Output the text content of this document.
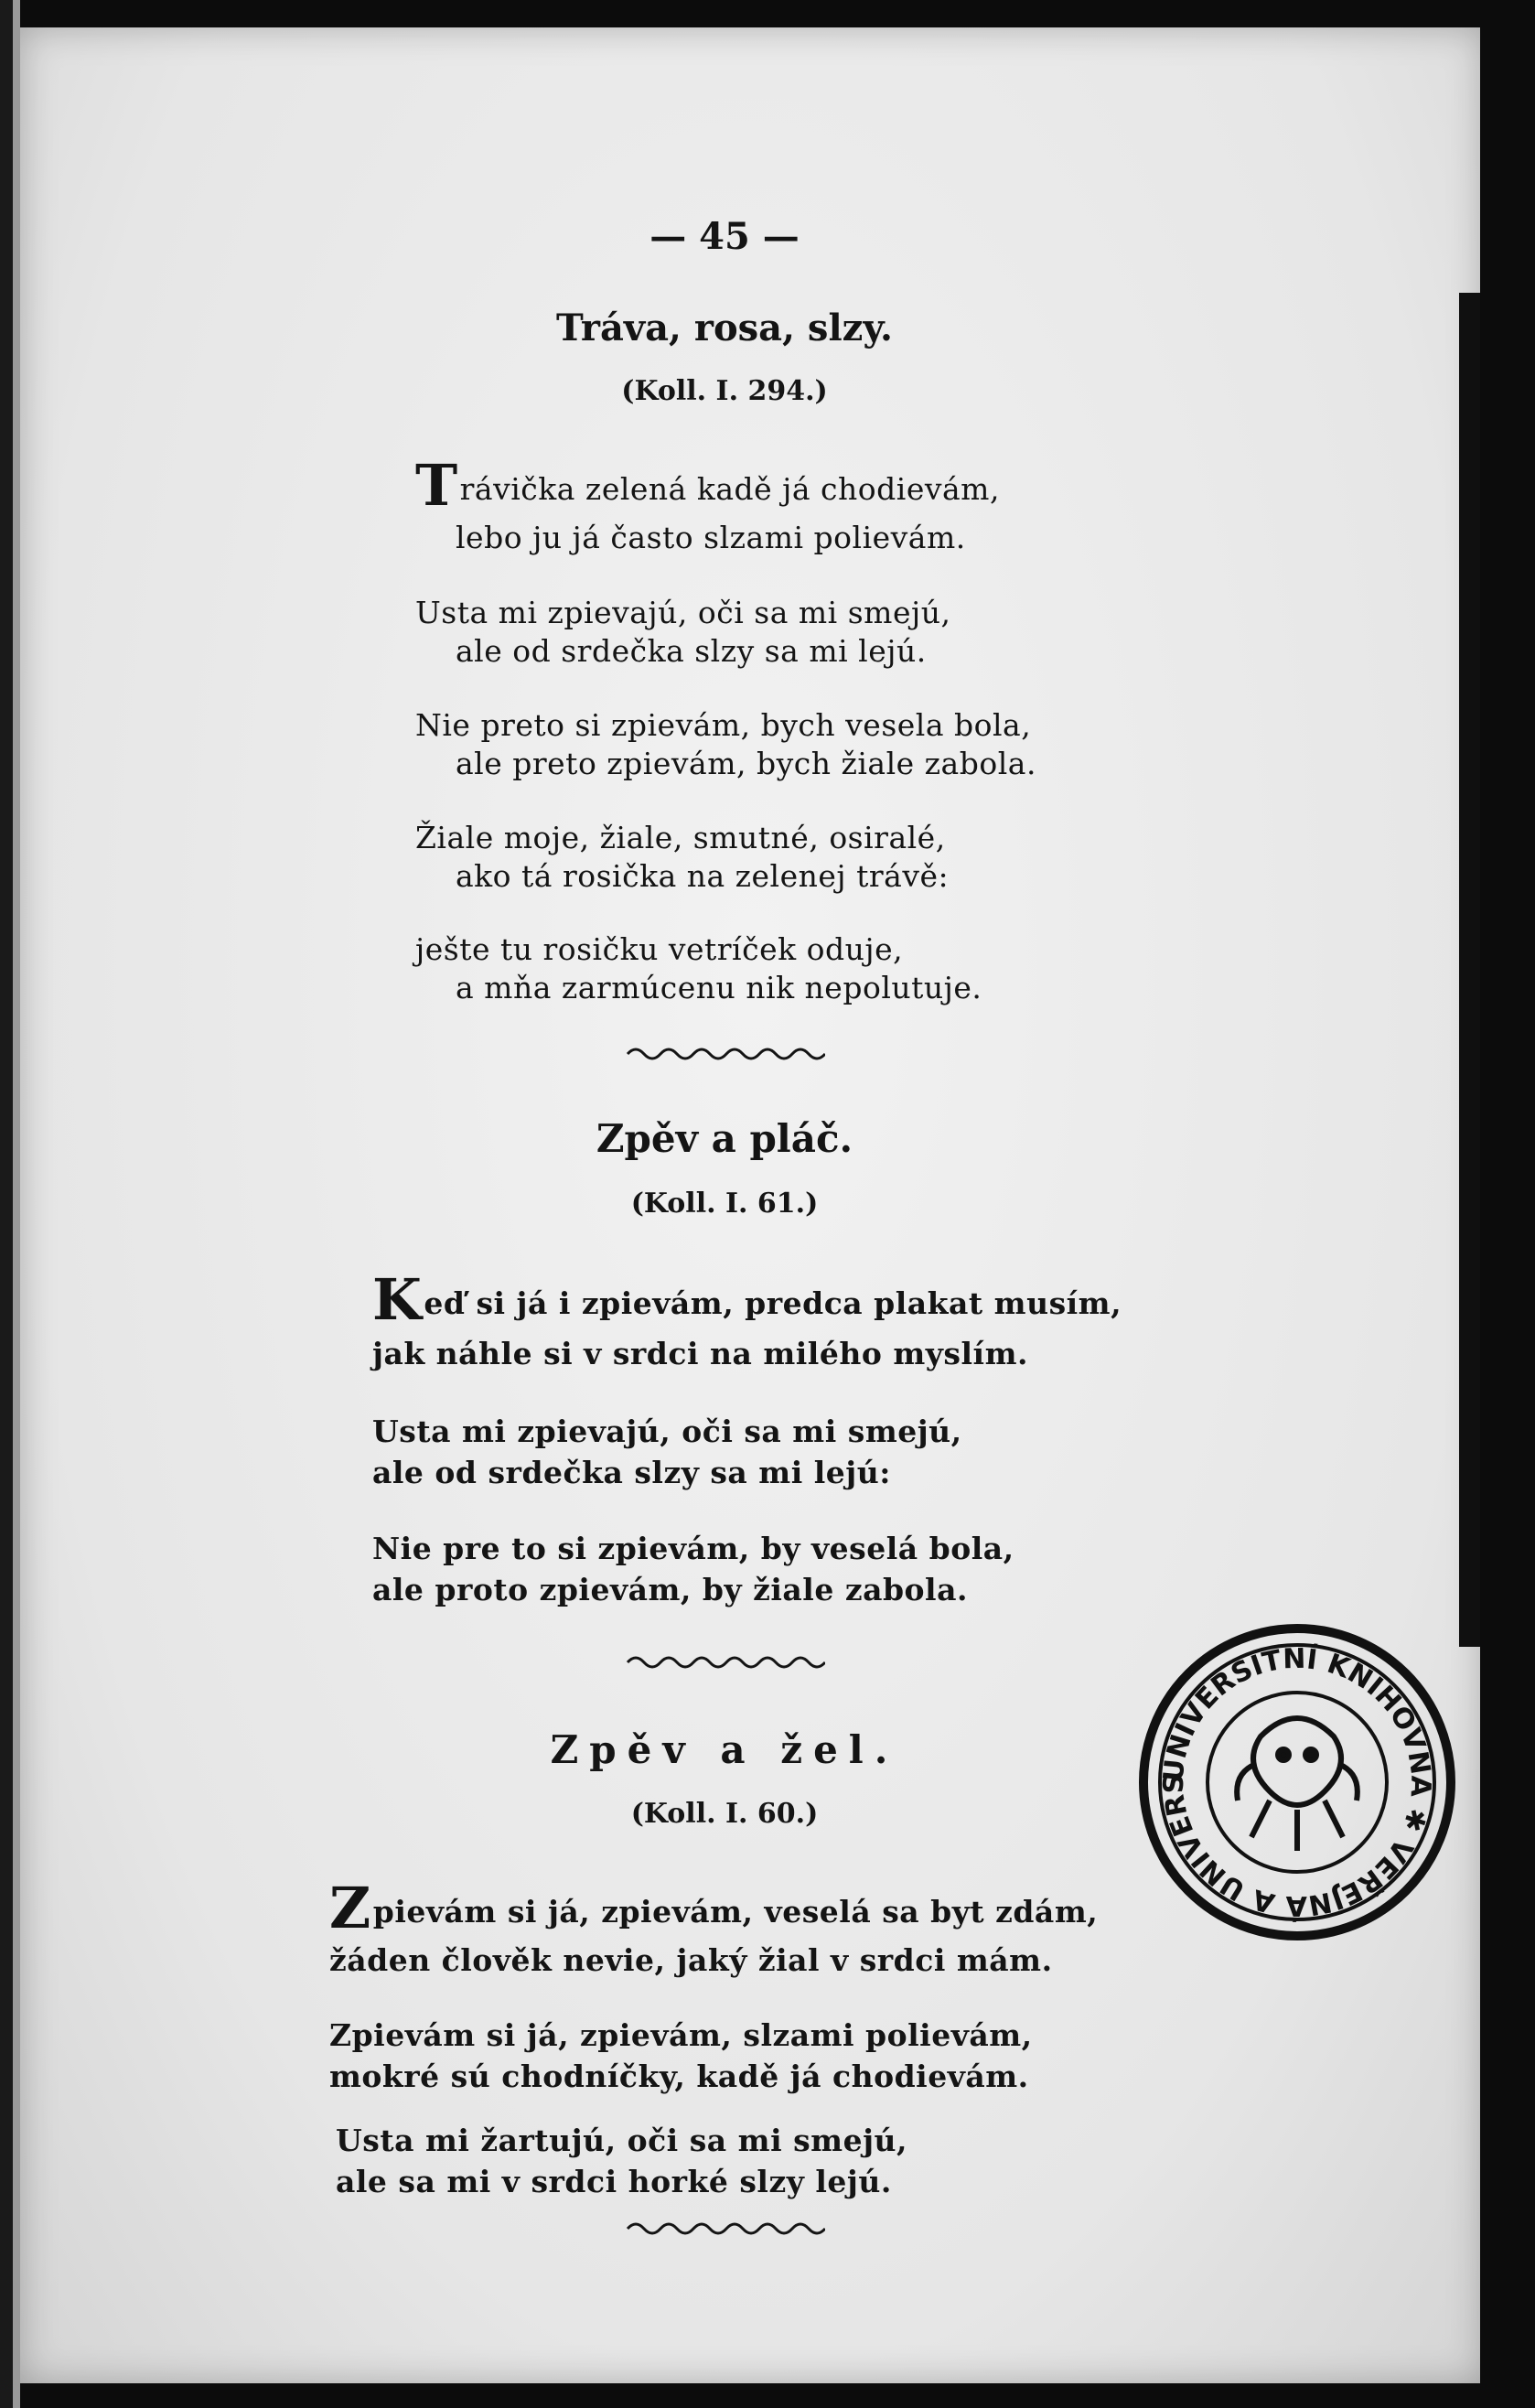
— 45 —
Tráva, rosa, slzy.
(Koll. I. 294.)
Trávička zelená kadě já chodievám,
lebo ju já často slzami polievám.
Usta mi zpievajú, oči sa mi smejú,
ale od srdečka slzy sa mi lejú.
Nie preto si zpievám, bych vesela bola,
ale preto zpievám, bych žiale zabola.
Žiale moje, žiale, smutné, osiralé,
ako tá rosička na zelenej trávě:
ješte tu rosičku vetríček oduje,
a mňa zarmúcenu nik nepolutuje.
Zpěv a pláč.
(Koll. I. 61.)
Keď si já i zpievám, predca plakat musím,
jak náhle si v srdci na milého myslím.
Usta mi zpievajú, oči sa mi smejú,
ale od srdečka slzy sa mi lejú:
Nie pre to si zpievám, by veselá bola,
ale proto zpievám, by žiale zabola.
Zpěv a žel.
(Koll. I. 60.)
Zpievám si já, zpievám, veselá sa byt zdám,
žáden člověk nevie, jaký žial v srdci mám.
Zpievám si já, zpievám, slzami polievám,
mokré sú chodníčky, kadě já chodievám.
Usta mi žartujú, oči sa mi smejú,
ale sa mi v srdci horké slzy lejú.
UNIVERSITNÍ KNIHOVNA ✱ VEŘEJNÁ A UNIVERS
